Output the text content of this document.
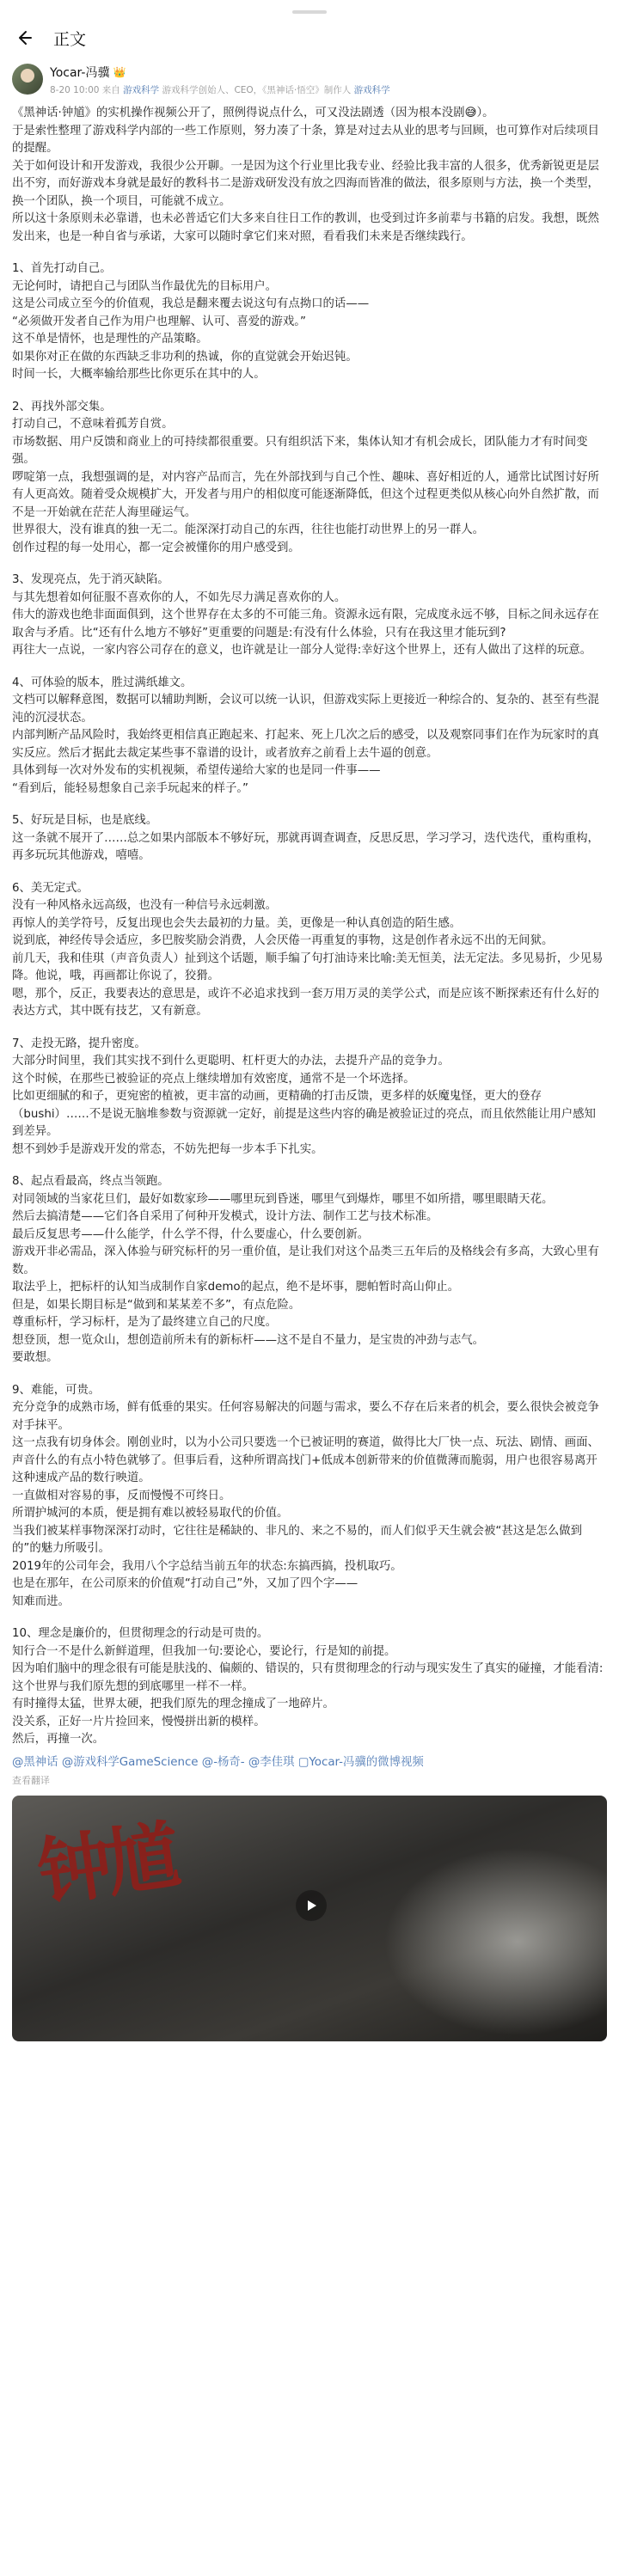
正文
Yocar-冯骥 👑
8-20 10:00 来自 游戏科学 游戏科学创始人、CEO，《黑神话·悟空》制作人 游戏科学

《黑神话·钟馗》的实机操作视频公开了，照例得说点什么，可又没法剧透（因为根本没剧😅）。

于是索性整理了游戏科学内部的一些工作原则，努力凑了十条，算是对过去从业的思考与回顾，也可算作对后续项目的提醒。

关于如何设计和开发游戏，我很少公开聊。一是因为这个行业里比我专业、经验比我丰富的人很多，优秀新锐更是层出不穷，而好游戏本身就是最好的教科书二是游戏研发没有放之四海而皆准的做法，很多原则与方法，换一个类型，换一个团队，换一个项目，可能就不成立。

所以这十条原则未必靠谱，也未必普适它们大多来自往日工作的教训，也受到过许多前辈与书籍的启发。我想，既然发出来，也是一种自省与承诺，大家可以随时拿它们来对照，看看我们未来是否继续践行。

1、首先打动自己。

无论何时，请把自己与团队当作最优先的目标用户。

这是公司成立至今的价值观，我总是翻来覆去说这句有点拗口的话——

“必须做开发者自己作为用户也理解、认可、喜爱的游戏。”

这不单是情怀，也是理性的产品策略。

如果你对正在做的东西缺乏非功利的热诚，你的直觉就会开始迟钝。

时间一长，大概率输给那些比你更乐在其中的人。

2、再找外部交集。

打动自己，不意味着孤芳自赏。

市场数据、用户反馈和商业上的可持续都很重要。只有组织活下来，集体认知才有机会成长，团队能力才有时间变强。

啰啶第一点，我想强调的是，对内容产品而言，先在外部找到与自己个性、趣味、喜好相近的人，通常比试图讨好所有人更高效。随着受众规模扩大，开发者与用户的相似度可能逐渐降低，但这个过程更类似从核心向外自然扩散，而不是一开始就在茫茫人海里碰运气。

世界很大，没有谁真的独一无二。能深深打动自己的东西，往往也能打动世界上的另一群人。

创作过程的每一处用心，都一定会被懂你的用户感受到。

3、发现亮点，先于消灭缺陷。

与其先想着如何征服不喜欢你的人，不如先尽力满足喜欢你的人。

伟大的游戏也绝非面面俱到，这个世界存在太多的不可能三角。资源永远有限，完成度永远不够，目标之间永远存在取舍与矛盾。比“还有什么地方不够好”更重要的问题是:有没有什么体验，只有在我这里才能玩到?

再往大一点说，一家内容公司存在的意义，也许就是让一部分人觉得:幸好这个世界上，还有人做出了这样的玩意。

4、可体验的版本，胜过满纸雄文。

文档可以解释意图，数据可以辅助判断，会议可以统一认识，但游戏实际上更接近一种综合的、复杂的、甚至有些混沌的沉浸状态。

内部判断产品风险时，我始终更相信真正跑起来、打起来、死上几次之后的感受，以及观察同事们在作为玩家时的真实反应。然后才据此去裁定某些事不靠谱的设计，或者放弃之前看上去牛逼的创意。

具体到每一次对外发布的实机视频，希望传递给大家的也是同一件事——

“看到后，能轻易想象自己亲手玩起来的样子。”

5、好玩是目标，也是底线。

这一条就不展开了……总之如果内部版本不够好玩，那就再调查调查，反思反思，学习学习，迭代迭代，重构重构，再多玩玩其他游戏，嘻嘻。

6、美无定式。

没有一种风格永远高级，也没有一种信号永远刺激。

再惊人的美学符号，反复出现也会失去最初的力量。美，更像是一种认真创造的陌生感。

说到底，神经传导会适应，多巴胺奖励会消费，人会厌倦一再重复的事物，这是创作者永远不出的无间狱。

前几天，我和佳琪（声音负责人）扯到这个话题，顺手编了句打油诗来比喻:美无恒美，法无定法。多见易折，少见易降。他说，哦，再画都让你说了，狡猾。

嗯，那个，反正，我要表达的意思是，或许不必追求找到一套万用万灵的美学公式，而是应该不断探索还有什么好的表达方式，其中既有技艺，又有新意。

7、走投无路，提升密度。

大部分时间里，我们其实找不到什么更聪明、杠杆更大的办法，去提升产品的竞争力。

这个时候，在那些已被验证的亮点上继续增加有效密度，通常不是一个坏选择。

比如更细腻的和子，更宛密的植被，更丰富的动画，更精确的打击反馈，更多样的妖魔鬼怪，更大的登存（bushi）……不是说无脑堆参数与资源就一定好，前提是这些内容的确是被验证过的亮点，而且依然能让用户感知到差异。

想不到妙手是游戏开发的常态，不妨先把每一步本手下扎实。

8、起点看最高，终点当领跑。

对同领域的当家花旦们，最好如数家珍——哪里玩到昏迷，哪里气到爆炸，哪里不如所措，哪里眼睛天花。

然后去搞清楚——它们各自采用了何种开发模式，设计方法、制作工艺与技术标准。

最后反复思考——什么能学，什么学不得，什么要虚心，什么要创新。

游戏开非必需品，深入体验与研究标杆的另一重价值，是让我们对这个品类三五年后的及格线会有多高，大致心里有数。

取法乎上，把标杆的认知当成制作自家demo的起点，绝不是坏事，腮帕暂时高山仰止。

但是，如果长期目标是“做到和某某差不多”，有点危险。

尊重标杆，学习标杆，是为了最终建立自己的尺度。

想登顶，想一览众山，想创造前所未有的新标杆——这不是自不量力，是宝贵的冲劲与志气。

要敢想。

9、难能，可贵。

充分竞争的成熟市场，鲜有低垂的果实。任何容易解决的问题与需求，要么不存在后来者的机会，要么很快会被竞争对手抹平。

这一点我有切身体会。刚创业时，以为小公司只要选一个已被证明的赛道，做得比大厂快一点、玩法、剧情、画面、声音什么的有点小特色就够了。但事后看，这种所谓高找门+低成本创新带来的价值微薄而脆弱，用户也很容易离开这种速成产品的数行映道。

一直做相对容易的事，反而慢慢不可终日。

所谓护城河的本质，便是拥有难以被轻易取代的价值。

当我们被某样事物深深打动时，它往往是稀缺的、非凡的、来之不易的，而人们似乎天生就会被“甚这是怎么做到的”的魅力所吸引。

2019年的公司年会，我用八个字总结当前五年的状态:东搞西搞，投机取巧。

也是在那年，在公司原来的价值观“打动自己”外，又加了四个字——

知难而进。

10、理念是廉价的，但贯彻理念的行动是可贵的。

知行合一不是什么新鲜道理，但我加一句:要论心，要论行，行是知的前提。

因为咱们脑中的理念很有可能是肤浅的、偏颇的、错误的，只有贯彻理念的行动与现实发生了真实的碰撞，才能看清:这个世界与我们原先想的到底哪里一样不一样。

有时撞得太猛，世界太硬，把我们原先的理念撞成了一地碎片。

没关系，正好一片片捡回来，慢慢拼出新的模样。

然后，再撞一次。

@黑神话 @游戏科学GameScience @-杨奇- @李佳琪 ▢Yocar-冯骥的微博视频
查看翻译
钟馗
